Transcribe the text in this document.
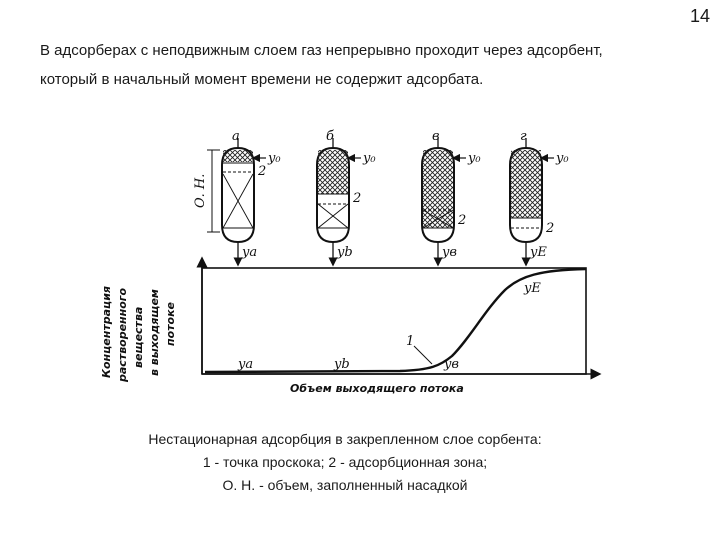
14
В адсорберах с неподвижным слоем газ непрерывно проходит через адсорбент, который в начальный момент времени не содержит адсорбата.
а
y₀
2
yа
О. Н.
б
y₀
2
yb
в
y₀
2
yв
г
y₀
2
yE
yа	yb	yв
yE
1
Объем выходящего потока
Концентрация растворенного вещества в выходящем потоке
Нестационарная адсорбция в закрепленном слое сорбента:
1 - точка проскока; 2 - адсорбционная зона;
О. Н. - объем, заполненный насадкой
